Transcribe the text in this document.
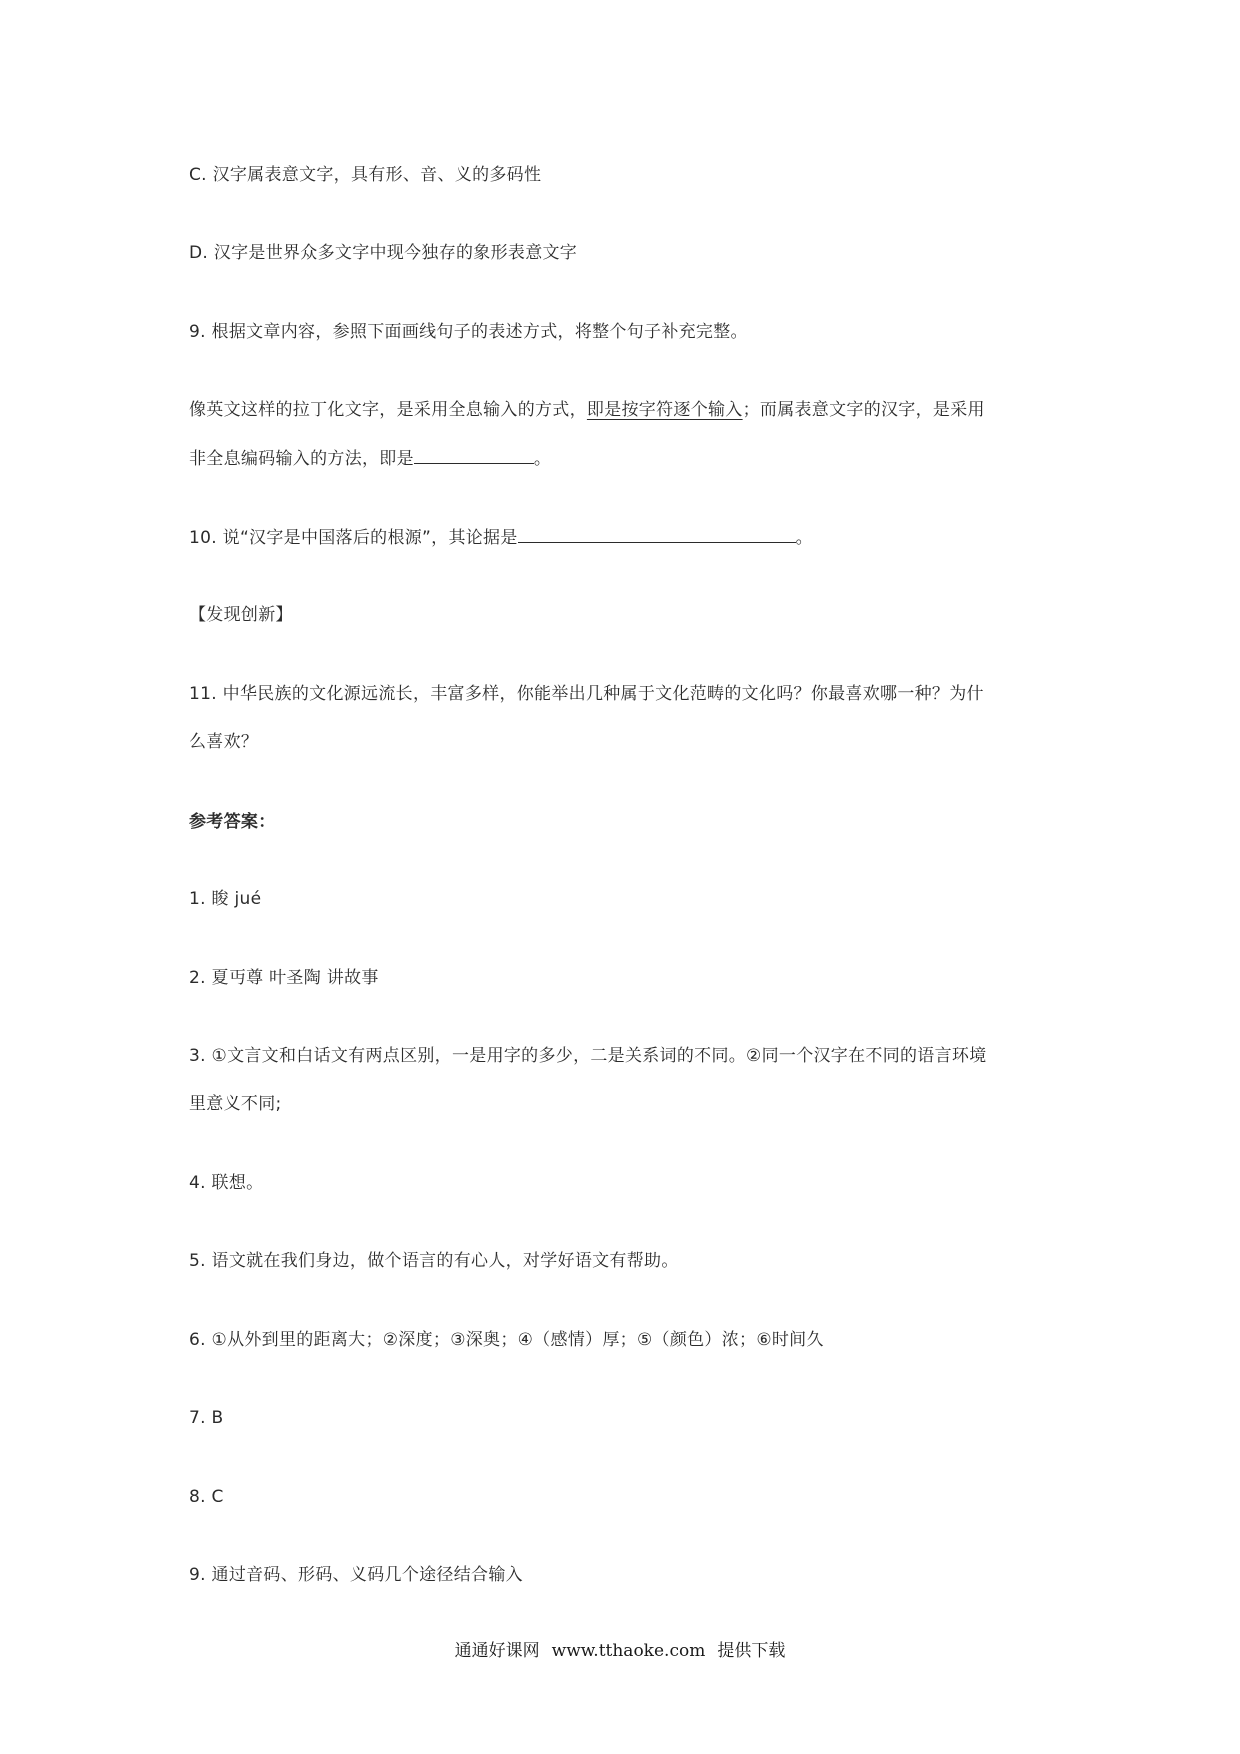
C. 汉字属表意文字，具有形、音、义的多码性
D. 汉字是世界众多文字中现今独存的象形表意文字
9. 根据文章内容，参照下面画线句子的表述方式，将整个句子补充完整。
像英文这样的拉丁化文字，是采用全息输入的方式，即是按字符逐个输入；而属表意文字的汉字，是采用
非全息编码输入的方法，即是	。
10. 说“汉字是中国落后的根源”，其论据是	。
【发现创新】
11. 中华民族的文化源远流长，丰富多样，你能举出几种属于文化范畴的文化吗？你最喜欢哪一种？为什
么喜欢？
参考答案：
1. 睃 jué
2. 夏丏尊 叶圣陶 讲故事
3. ①文言文和白话文有两点区别，一是用字的多少，二是关系词的不同。②同一个汉字在不同的语言环境
里意义不同;
4. 联想。
5. 语文就在我们身边，做个语言的有心人，对学好语文有帮助。
6. ①从外到里的距离大；②深度；③深奥；④（感情）厚；⑤（颜色）浓；⑥时间久
7. B
8. C
9. 通过音码、形码、义码几个途径结合输入
通通好课网 www.tthaoke.com 提供下载
